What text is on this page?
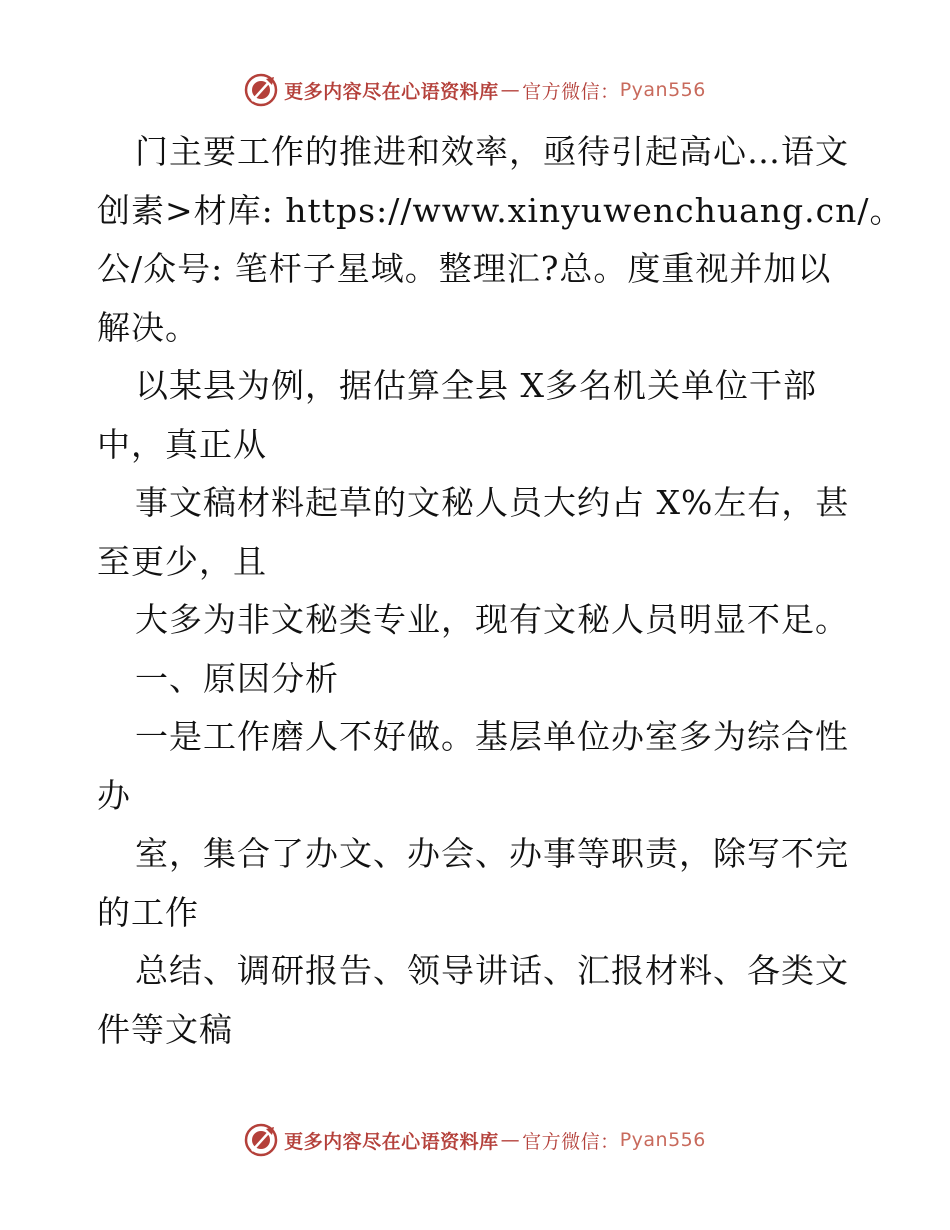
更多内容尽在心语资料库 — 官方微信： Pyan556
门主要工作的推进和效率，亟待引起高心…语文
创素>材库: https://www.xinyuwenchuang.cn/。
公/众号: 笔杆子星域。整理汇?总。度重视并加以
解决。
以某县为例，据估算全县 X多名机关单位干部
中，真正从
事文稿材料起草的文秘人员大约占 X%左右，甚
至更少，且
大多为非文秘类专业，现有文秘人员明显不足。
一、原因分析
一是工作磨人不好做。基层单位办室多为综合性
办
室，集合了办文、办会、办事等职责，除写不完
的工作
总结、调研报告、领导讲话、汇报材料、各类文
件等文稿
更多内容尽在心语资料库 — 官方微信： Pyan556
